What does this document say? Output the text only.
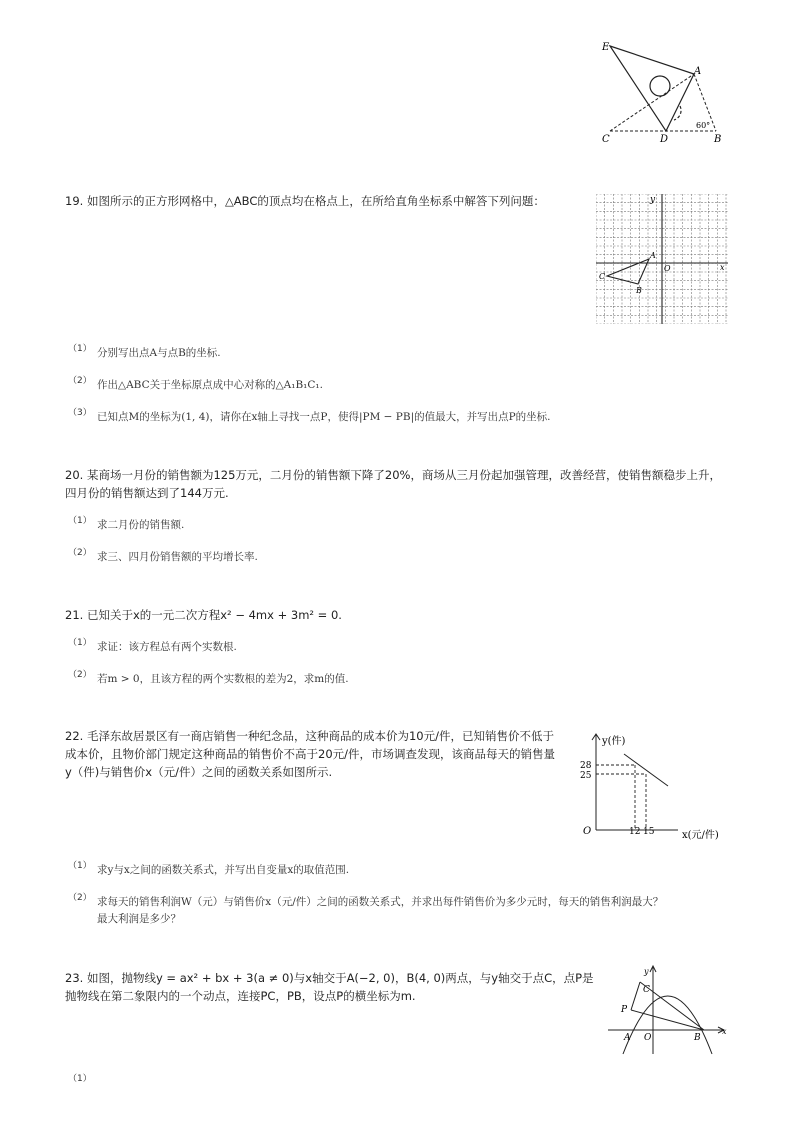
E
A
C	D	B
60°
19. 如图所示的正方形网格中，△ABC的顶点均在格点上，在所给直角坐标系中解答下列问题：	y
x
O
A
B
C
（1） 分别写出点A与点B的坐标.
（2） 作出△ABC关于坐标原点成中心对称的△A₁B₁C₁.
（3） 已知点M的坐标为(1, 4)，请你在x轴上寻找一点P，使得|PM − PB|的值最大，并写出点P的坐标.
20. 某商场一月份的销售额为125万元，二月份的销售额下降了20%，商场从三月份起加强管理，改善经营，使销售额稳步上升，
四月份的销售额达到了144万元.
（1） 求二月份的销售额.
（2） 求三、四月份销售额的平均增长率.
21. 已知关于x的一元二次方程x² − 4mx + 3m² = 0.
（1） 求证：该方程总有两个实数根.
（2） 若m > 0，且该方程的两个实数根的差为2，求m的值.
22. 毛泽东故居景区有一商店销售一种纪念品，这种商品的成本价为10元/件，已知销售价不低于
成本价，且物价部门规定这种商品的销售价不高于20元/件，市场调查发现，该商品每天的销售量
y（件)与销售价x（元/件）之间的函数关系如图所示.
y(件)
28
25
O	12 15	x(元/件)
（1） 求y与x之间的函数关系式，并写出自变量x的取值范围.
（2） 求每天的销售利润W（元）与销售价x（元/件）之间的函数关系式，并求出每件销售价为多少元时，每天的销售利润最大？
最大利润是多少？
23. 如图，抛物线y = ax² + bx + 3(a ≠ 0)与x轴交于A(−2, 0)，B(4, 0)两点，与y轴交于点C，点P是
抛物线在第二象限内的一个动点，连接PC，PB，设点P的横坐标为m.
y
x
C
P
A O	B
（1）
